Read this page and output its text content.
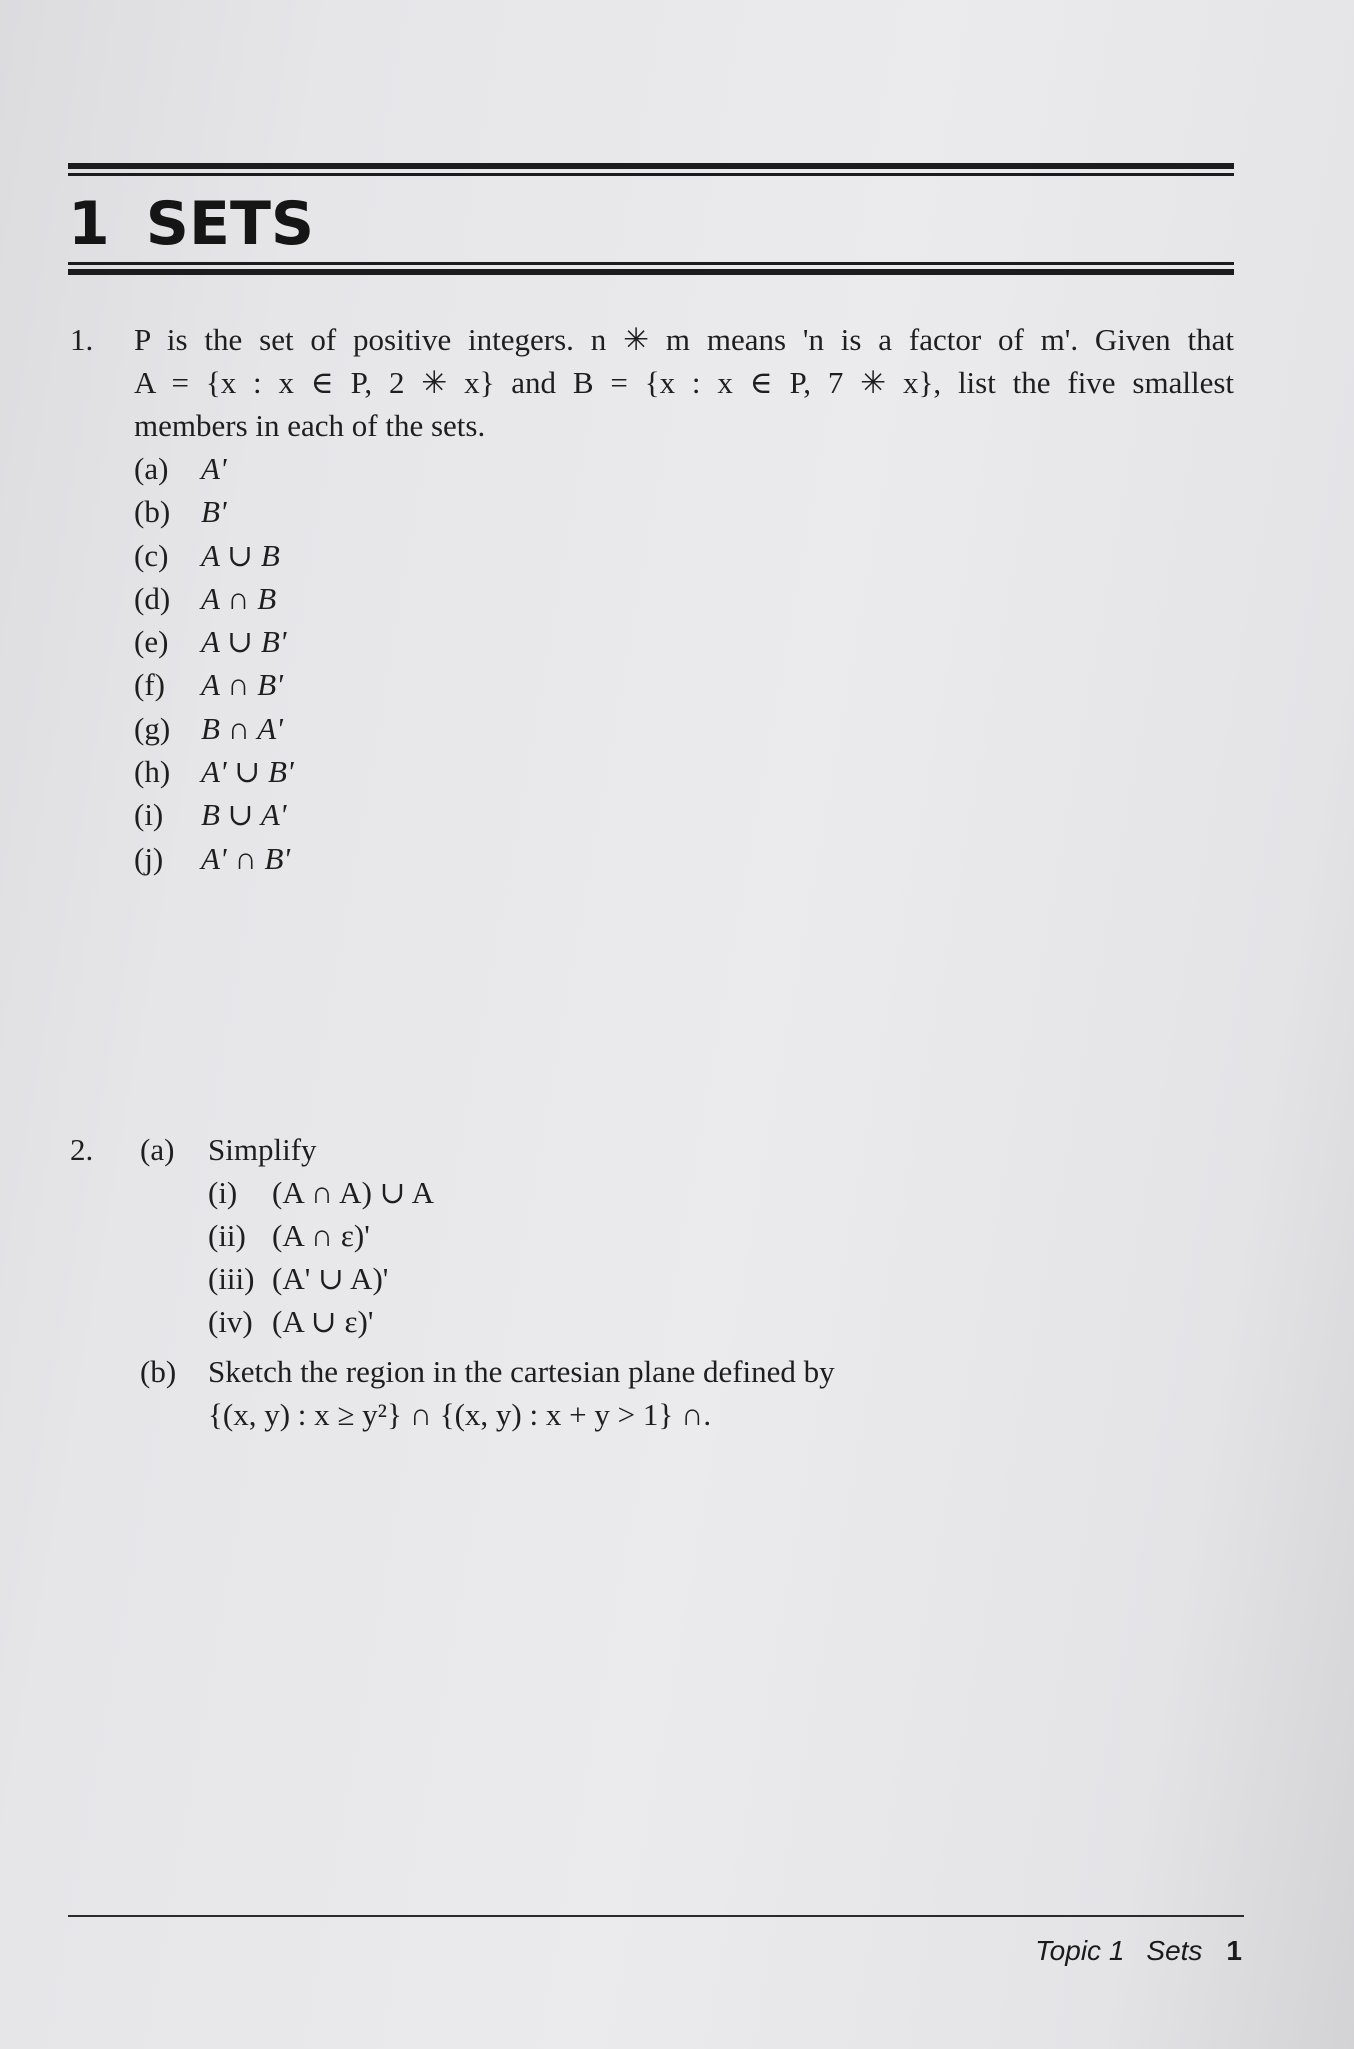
1 SETS
1. P is the set of positive integers. n ✳ m means 'n is a factor of m'. Given that
A = {x : x ∈ P, 2 ✳ x} and B = {x : x ∈ P, 7 ✳ x}, list the five smallest
members in each of the sets.
(a)	A'
(b) B'
(c)	A ∪ B
(d) A ∩ B
(e)	A ∪ B'
(f)	A ∩ B'
(g) B ∩ A'
(h) A' ∪ B'
(i)	B ∪ A'
(j)	A' ∩ B'
2. (a) Simplify
(i) (A ∩ A) ∪ A
(ii) (A ∩ ε)'
(iii) (A' ∪ A)'
(iv) (A ∪ ε)'
(b) Sketch the region in the cartesian plane defined by
{(x, y) : x ≥ y²} ∩ {(x, y) : x + y > 1} ∩.
Topic 1 Sets 1
